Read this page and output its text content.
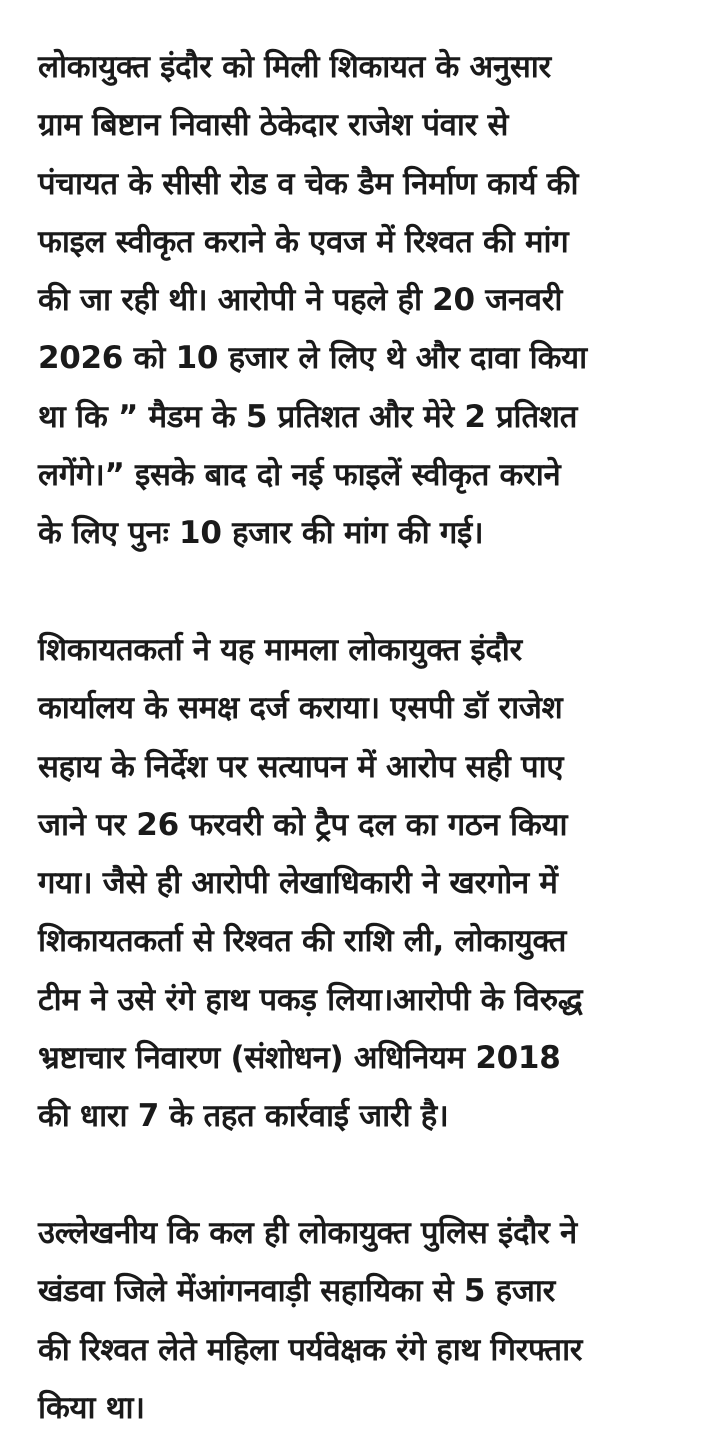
लोकायुक्त इंदौर को मिली शिकायत के अनुसार
ग्राम बिष्टान निवासी ठेकेदार राजेश पंवार से
पंचायत के सीसी रोड व चेक डैम निर्माण कार्य की
फाइल स्वीकृत कराने के एवज में रिश्वत की मांग
की जा रही थी। आरोपी ने पहले ही 20 जनवरी
2026 को 10 हजार ले लिए थे और दावा किया
था कि ” मैडम के 5 प्रतिशत और मेरे 2 प्रतिशत
लगेंगे।” इसके बाद दो नई फाइलें स्वीकृत कराने
के लिए पुनः 10 हजार की मांग की गई।
शिकायतकर्ता ने यह मामला लोकायुक्त इंदौर
कार्यालय के समक्ष दर्ज कराया। एसपी डॉ राजेश
सहाय के निर्देश पर सत्यापन में आरोप सही पाए
जाने पर 26 फरवरी को ट्रैप दल का गठन किया
गया। जैसे ही आरोपी लेखाधिकारी ने खरगोन में
शिकायतकर्ता से रिश्वत की राशि ली, लोकायुक्त
टीम ने उसे रंगे हाथ पकड़ लिया।आरोपी के विरुद्ध
भ्रष्टाचार निवारण (संशोधन) अधिनियम 2018
की धारा 7 के तहत कार्रवाई जारी है।
उल्लेखनीय कि कल ही लोकायुक्त पुलिस इंदौर ने
खंडवा जिले मेंआंगनवाड़ी सहायिका से 5 हजार
की रिश्वत लेते महिला पर्यवेक्षक रंगे हाथ गिरफ्तार
किया था।
